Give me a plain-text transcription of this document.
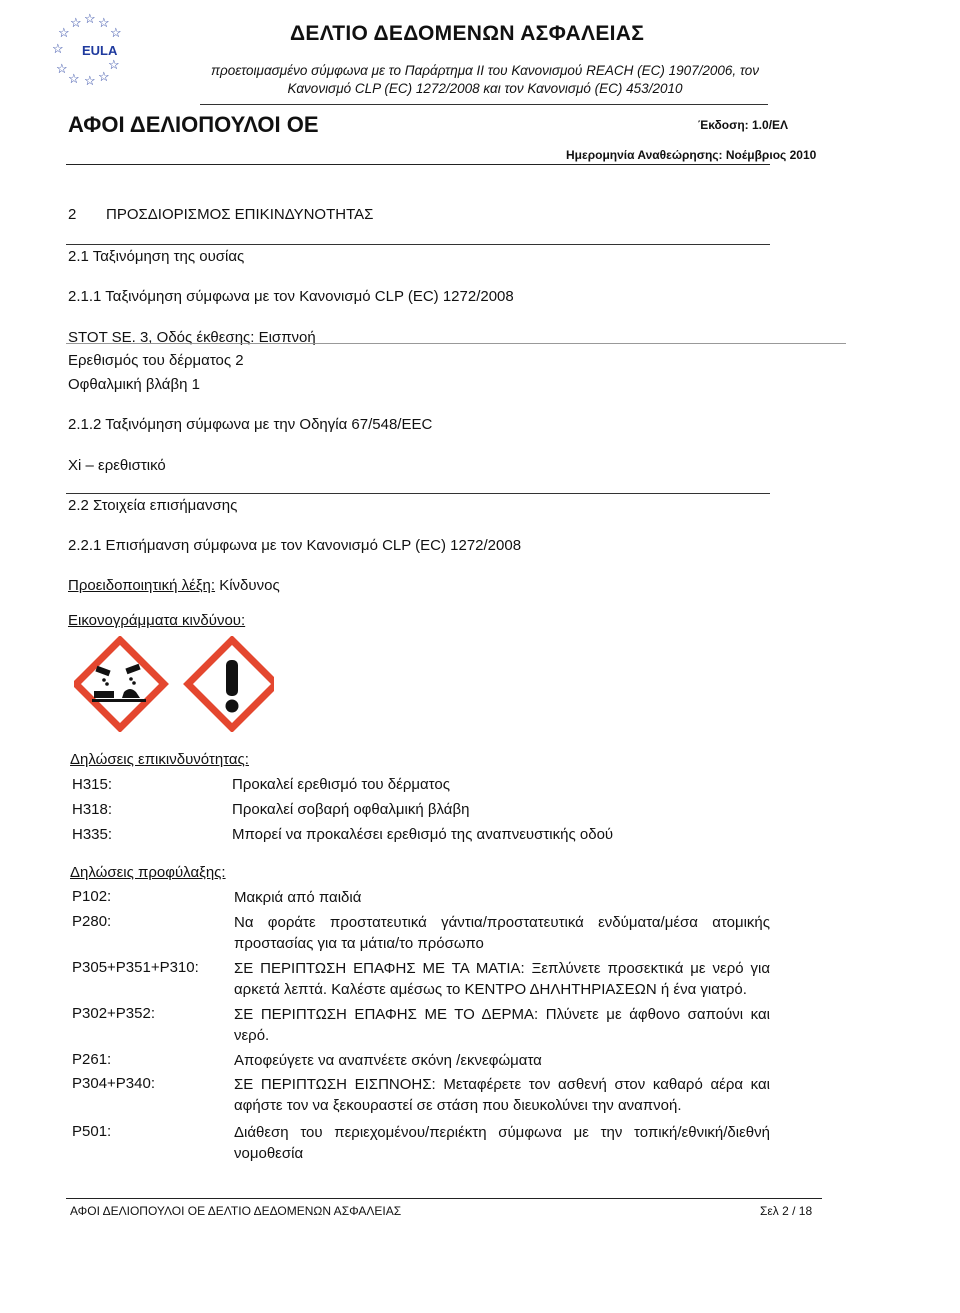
☆ ☆ ☆
☆	☆
☆
☆	☆
☆ ☆ ☆
EULA
ΔΕΛΤΙΟ ΔΕΔΟΜΕΝΩΝ ΑΣΦΑΛΕΙΑΣ
προετοιμασμένο σύμφωνα με το Παράρτημα II του Κανονισμού REACH (EC) 1907/2006, τον
Κανονισμό CLP (EC) 1272/2008 και τον Κανονισμό (EC) 453/2010
ΑΦΟΙ ΔΕΛΙΟΠΟΥΛΟΙ ΟΕ	Έκδοση: 1.0/ΕΛ
Ημερομηνία Αναθεώρησης: Νοέμβριος 2010
2 ΠΡΟΣΔΙΟΡΙΣΜΟΣ ΕΠΙΚΙΝΔΥΝΟΤΗΤΑΣ
2.1 Ταξινόμηση της ουσίας
2.1.1 Ταξινόμηση σύμφωνα με τον Κανονισμό CLP (EC) 1272/2008
STOT SE. 3, Οδός έκθεσης: Εισπνοή
Ερεθισμός του δέρματος 2
Οφθαλμική βλάβη 1
2.1.2 Ταξινόμηση σύμφωνα με την Οδηγία 67/548/EEC
Xi – ερεθιστικό
2.2 Στοιχεία επισήμανσης
2.2.1 Επισήμανση σύμφωνα με τον Κανονισμό CLP (EC) 1272/2008
Προειδοποιητική λέξη: Κίνδυνος
Εικονογράμματα κινδύνου:
Δηλώσεις επικινδυνότητας:
H315:	Προκαλεί ερεθισμό του δέρματος
H318:	Προκαλεί σοβαρή οφθαλμική βλάβη
H335:	Μπορεί να προκαλέσει ερεθισμό της αναπνευστικής οδού
Δηλώσεις προφύλαξης:
P102:	Μακριά από παιδιά
P280:	Να φοράτε προστατευτικά γάντια/προστατευτικά ενδύματα/μέσα ατομικής προστασίας για τα μάτια/το πρόσωπο
P305+P351+P310: ΣΕ ΠΕΡΙΠΤΩΣΗ ΕΠΑΦΗΣ ΜΕ ΤΑ ΜΑΤΙΑ: Ξεπλύνετε προσεκτικά με νερό για αρκετά λεπτά. Καλέστε αμέσως το ΚΕΝΤΡΟ ΔΗΛΗΤΗΡΙΑΣΕΩΝ ή ένα γιατρό.
P302+P352:	ΣΕ ΠΕΡΙΠΤΩΣΗ ΕΠΑΦΗΣ ΜΕ ΤΟ ΔΕΡΜΑ: Πλύνετε με άφθονο σαπούνι και νερό.
P261:	Αποφεύγετε να αναπνέετε σκόνη /εκνεφώματα
P304+P340:	ΣΕ ΠΕΡΙΠΤΩΣΗ ΕΙΣΠΝΟΗΣ: Μεταφέρετε τον ασθενή στον καθαρό αέρα και αφήστε τον να ξεκουραστεί σε στάση που διευκολύνει την αναπνοή.
P501:	Διάθεση του περιεχομένου/περιέκτη σύμφωνα με την τοπική/εθνική/διεθνή νομοθεσία
ΑΦΟΙ ΔΕΛΙΟΠΟΥΛΟΙ ΟΕ ΔΕΛΤΙΟ ΔΕΔΟΜΕΝΩΝ ΑΣΦΑΛΕΙΑΣ	Σελ 2 / 18
